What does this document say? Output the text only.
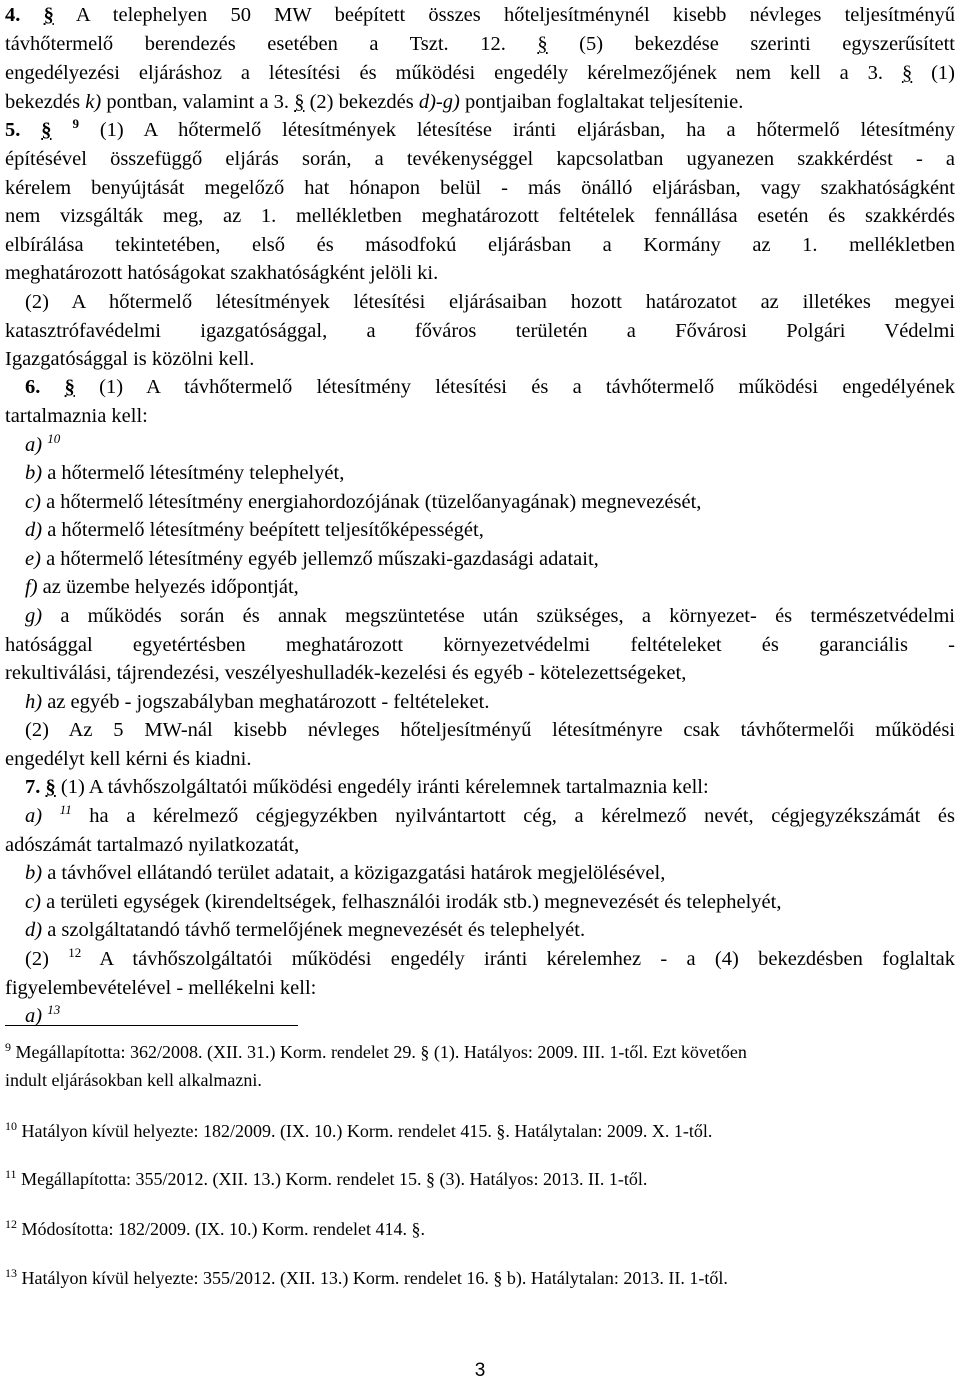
4. § A telephelyen 50 MW beépített összes hőteljesítménynél kisebb névleges teljesítményű
távhőtermelő berendezés esetében a Tszt. 12. § (5) bekezdése szerinti egyszerűsített
engedélyezési eljáráshoz a létesítési és működési engedély kérelmezőjének nem kell a 3. § (1)
bekezdés k) pontban, valamint a 3. § (2) bekezdés d)-g) pontjaiban foglaltakat teljesítenie.
5. § $^9$ (1) A hőtermelő létesítmények létesítése iránti eljárásban, ha a hőtermelő létesítmény
építésével összefüggő eljárás során, a tevékenységgel kapcsolatban ugyanezen szakkérdést - a
kérelem benyújtását megelőző hat hónapon belül - más önálló eljárásban, vagy szakhatóságként
nem vizsgálták meg, az 1. mellékletben meghatározott feltételek fennállása esetén és szakkérdés
elbírálása tekintetében, első és másodfokú eljárásban a Kormány az 1. mellékletben
meghatározott hatóságokat szakhatóságként jelöli ki.
(2) A hőtermelő létesítmények létesítési eljárásaiban hozott határozatot az illetékes megyei
katasztrófavédelmi igazgatósággal, a főváros területén a Fővárosi Polgári Védelmi
Igazgatósággal is közölni kell.
6. § (1) A távhőtermelő létesítmény létesítési és a távhőtermelő működési engedélyének
tartalmaznia kell:
a) $^{10}$
b) a hőtermelő létesítmény telephelyét,
c) a hőtermelő létesítmény energiahordozójának (tüzelőanyagának) megnevezését,
d) a hőtermelő létesítmény beépített teljesítőképességét,
e) a hőtermelő létesítmény egyéb jellemző műszaki-gazdasági adatait,
f) az üzembe helyezés időpontját,
g) a működés során és annak megszüntetése után szükséges, a környezet- és természetvédelmi
hatósággal egyetértésben meghatározott környezetvédelmi feltételeket és garanciális -
rekultiválási, tájrendezési, veszélyeshulladék-kezelési és egyéb - kötelezettségeket,
h) az egyéb - jogszabályban meghatározott - feltételeket.
(2) Az 5 MW-nál kisebb névleges hőteljesítményű létesítményre csak távhőtermelői működési
engedélyt kell kérni és kiadni.
7. § (1) A távhőszolgáltatói működési engedély iránti kérelemnek tartalmaznia kell:
a) $^{11}$ ha a kérelmező cégjegyzékben nyilvántartott cég, a kérelmező nevét, cégjegyzékszámát és
adószámát tartalmazó nyilatkozatát,
b) a távhővel ellátandó terület adatait, a közigazgatási határok megjelölésével,
c) a területi egységek (kirendeltségek, felhasználói irodák stb.) megnevezését és telephelyét,
d) a szolgáltatandó távhő termelőjének megnevezését és telephelyét.
(2) $^{12}$ A távhőszolgáltatói működési engedély iránti kérelemhez - a (4) bekezdésben foglaltak
figyelembevételével - mellékelni kell:
a) $^{13}$
$^9$ Megállapította: 362/2008. (XII. 31.) Korm. rendelet 29. § (1). Hatályos: 2009. III. 1-től. Ezt követően
indult eljárásokban kell alkalmazni.
$^{10}$ Hatályon kívül helyezte: 182/2009. (IX. 10.) Korm. rendelet 415. §. Hatálytalan: 2009. X. 1-től.
$^{11}$ Megállapította: 355/2012. (XII. 13.) Korm. rendelet 15. § (3). Hatályos: 2013. II. 1-től.
$^{12}$ Módosította: 182/2009. (IX. 10.) Korm. rendelet 414. §.
$^{13}$ Hatályon kívül helyezte: 355/2012. (XII. 13.) Korm. rendelet 16. § b). Hatálytalan: 2013. II. 1-től.
3
